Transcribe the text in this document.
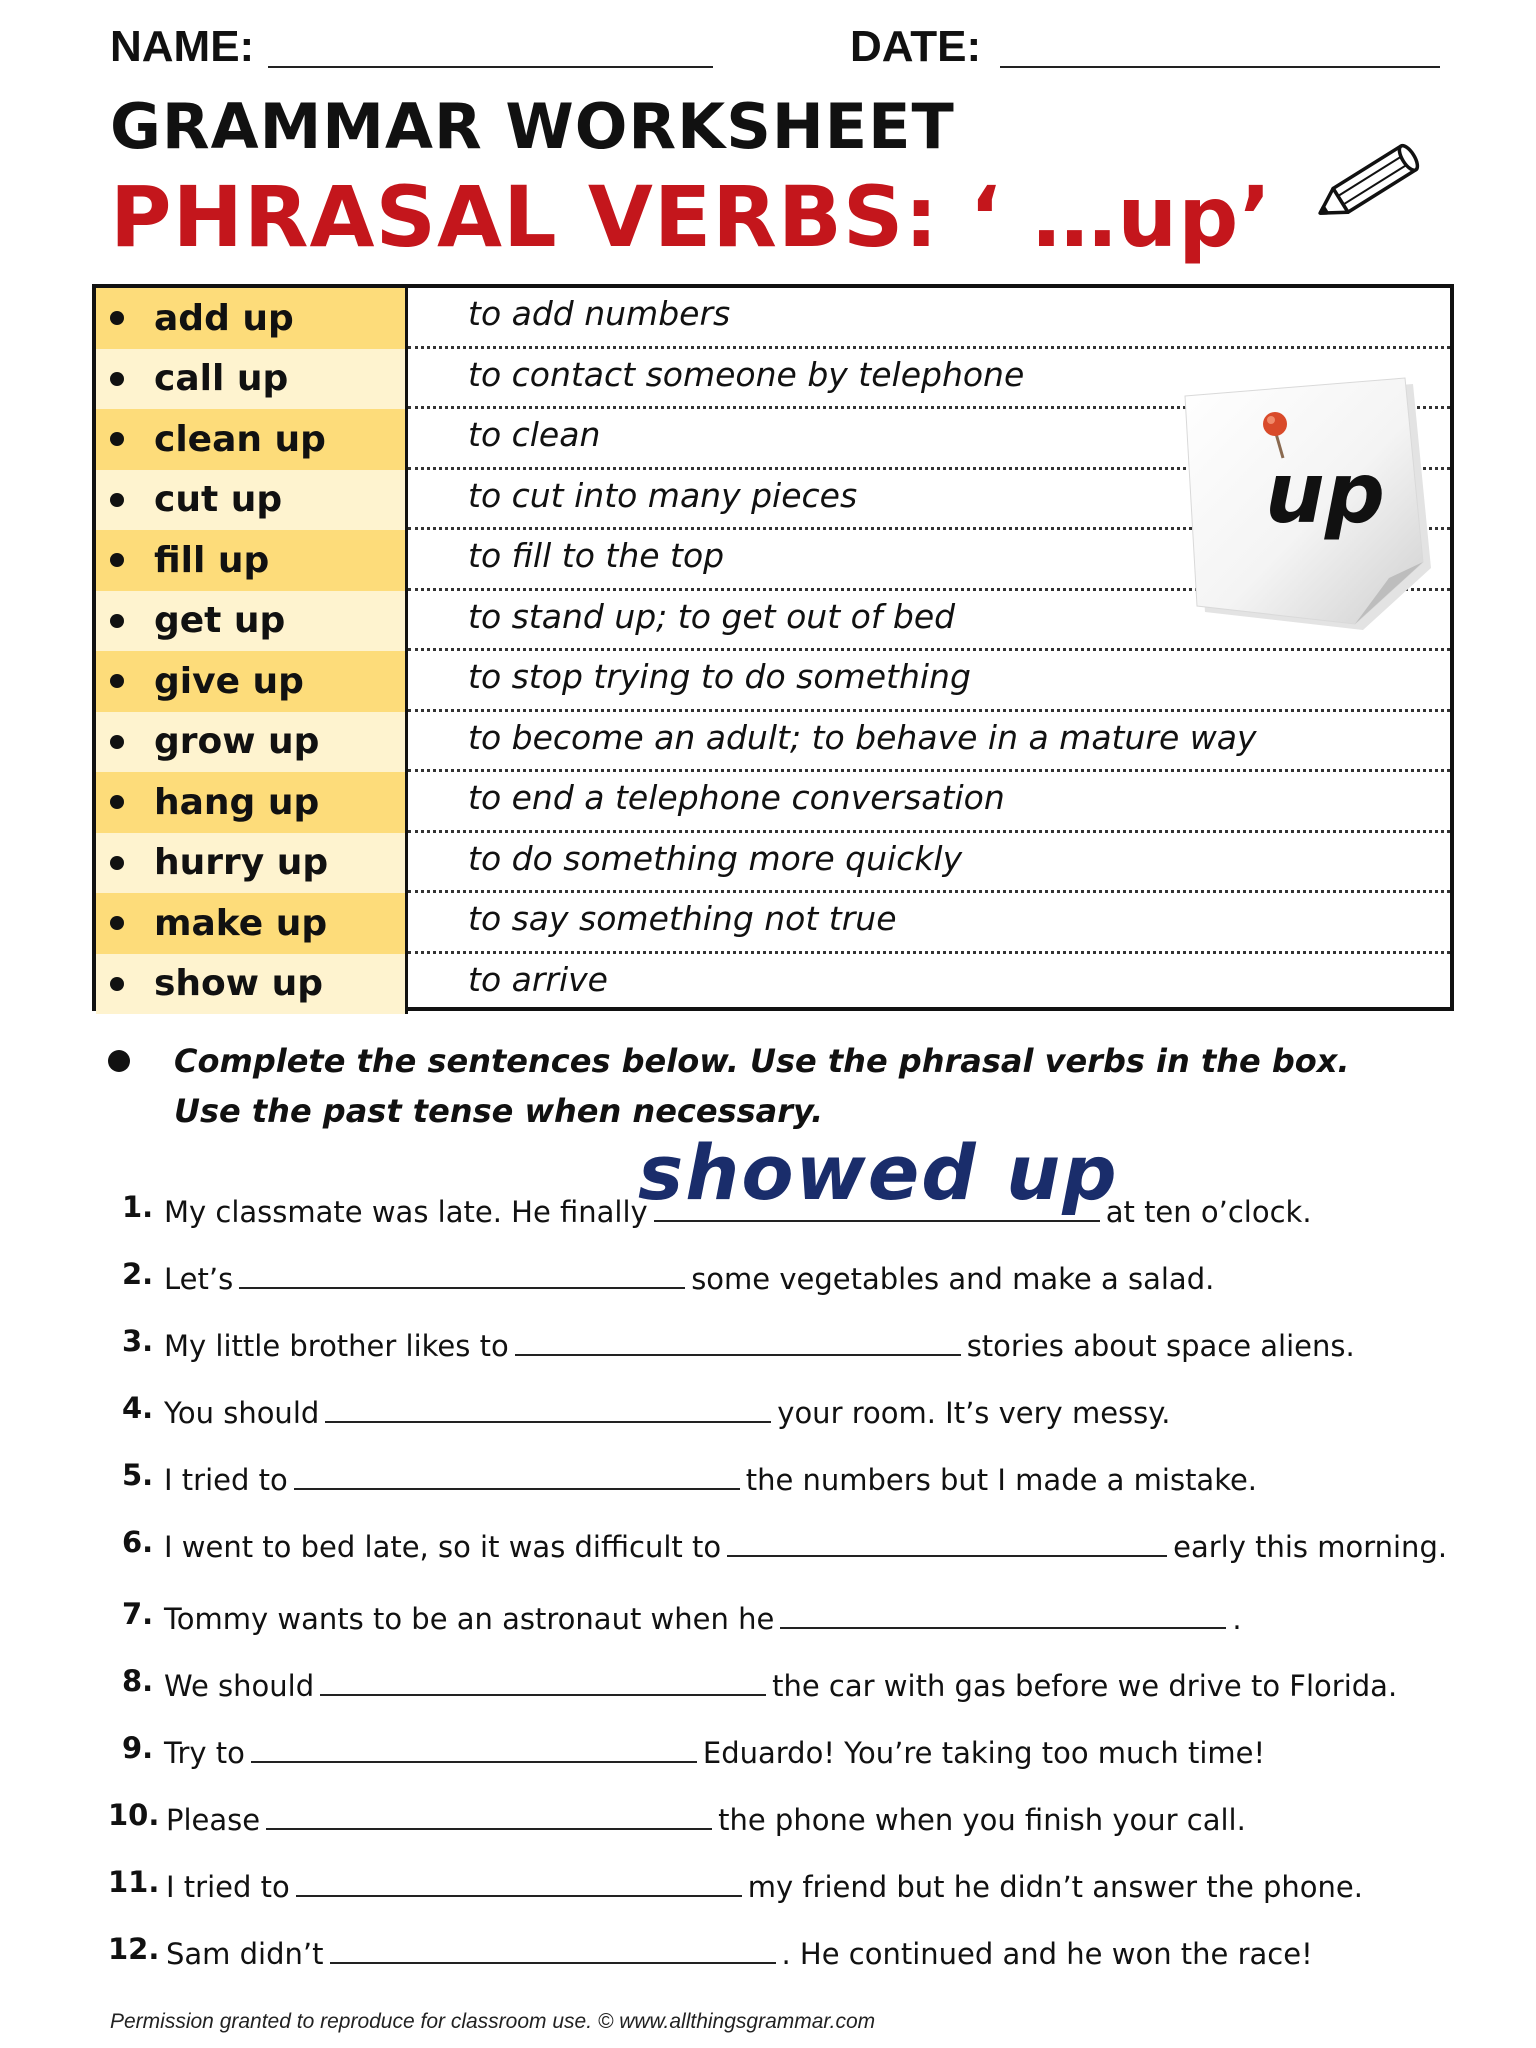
NAME:	DATE:
GRAMMAR WORKSHEET
PHRASAL VERBS: ‘ …up’
add up	to add numbers
call up	to contact someone by telephone
clean up	to clean
cut up	to cut into many pieces
fill up	to fill to the top
get up	to stand up; to get out of bed
give up	to stop trying to do something
grow up	to become an adult; to behave in a mature way
hang up	to end a telephone conversation
hurry up	to do something more quickly
make up	to say something not true
show up	to arrive
up
Complete the sentences below. Use the phrasal verbs in the box. Use the past tense when necessary.
1. My classmate was late. He finally	at ten o’clock.
showed up
2. Let’s	some vegetables and make a salad.
3. My little brother likes to	stories about space aliens.
4. You should	your room. It’s very messy.
5. I tried to	the numbers but I made a mistake.
6. I went to bed late, so it was difficult to	early this morning.
7. Tommy wants to be an astronaut when he	.
8. We should	the car with gas before we drive to Florida.
9. Try to	Eduardo! You’re taking too much time!
10. Please	the phone when you finish your call.
11. I tried to	my friend but he didn’t answer the phone.
12. Sam didn’t	. He continued and he won the race!
Permission granted to reproduce for classroom use. © www.allthingsgrammar.com
